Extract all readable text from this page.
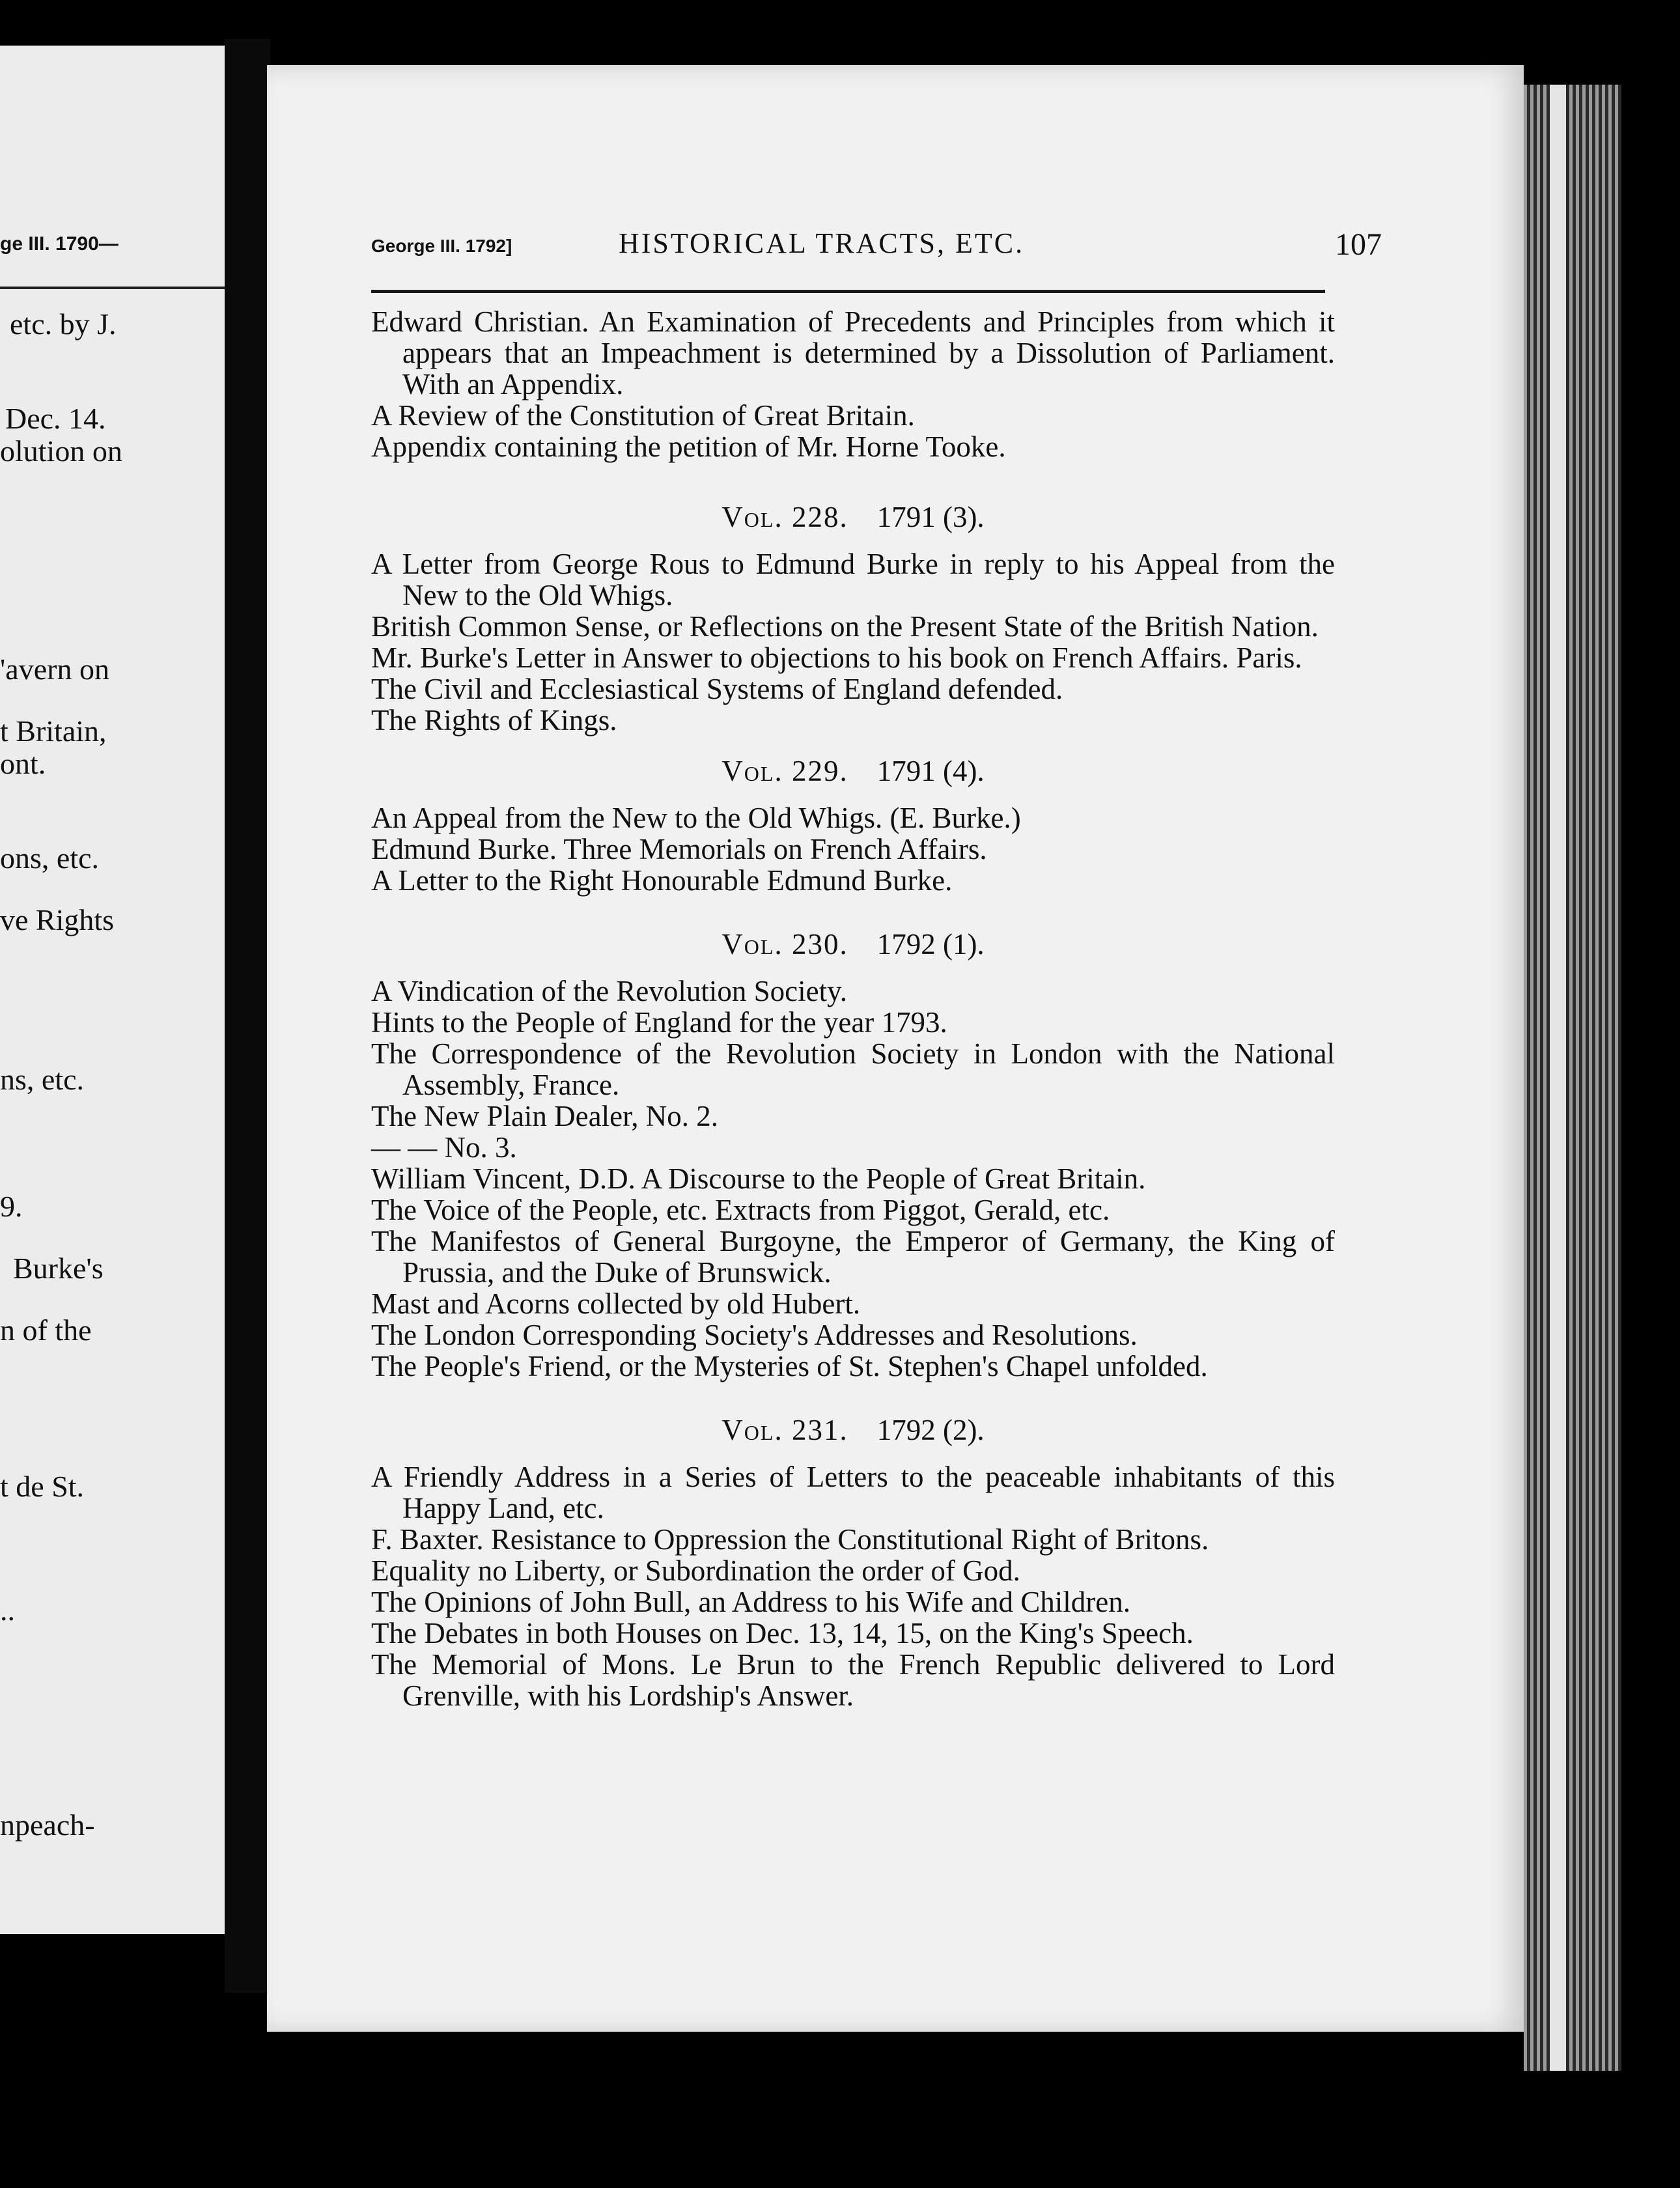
ge III. 1790—
etc. by J.
Dec. 14.
olution on
'avern on
t Britain,
ont.
ons, etc.
ve Rights
ns, etc.
9.
Burke's
n of the
t de St.
..
npeach-
George III. 1792]	HISTORICAL TRACTS, ETC.	107

Edward Christian. An Examination of Precedents and Principles from which it appears that an Impeachment is determined by a Dissolution of Parliament. With an Appendix.

A Review of the Constitution of Great Britain.

Appendix containing the petition of Mr. Horne Tooke.

Vol. 228. 1791 (3).

A Letter from George Rous to Edmund Burke in reply to his Appeal from the New to the Old Whigs.

British Common Sense, or Reflections on the Present State of the British Nation.

Mr. Burke's Letter in Answer to objections to his book on French Affairs. Paris.

The Civil and Ecclesiastical Systems of England defended.

The Rights of Kings.

Vol. 229. 1791 (4).

An Appeal from the New to the Old Whigs. (E. Burke.)

Edmund Burke. Three Memorials on French Affairs.

A Letter to the Right Honourable Edmund Burke.

Vol. 230. 1792 (1).

A Vindication of the Revolution Society.

Hints to the People of England for the year 1793.

The Correspondence of the Revolution Society in London with the National Assembly, France.

The New Plain Dealer, No. 2.

— — No. 3.

William Vincent, D.D. A Discourse to the People of Great Britain.

The Voice of the People, etc. Extracts from Piggot, Gerald, etc.

The Manifestos of General Burgoyne, the Emperor of Germany, the King of Prussia, and the Duke of Brunswick.

Mast and Acorns collected by old Hubert.

The London Corresponding Society's Addresses and Resolutions.

The People's Friend, or the Mysteries of St. Stephen's Chapel unfolded.

Vol. 231. 1792 (2).

A Friendly Address in a Series of Letters to the peaceable inhabitants of this Happy Land, etc.

F. Baxter. Resistance to Oppression the Constitutional Right of Britons.

Equality no Liberty, or Subordination the order of God.

The Opinions of John Bull, an Address to his Wife and Children.

The Debates in both Houses on Dec. 13, 14, 15, on the King's Speech.

The Memorial of Mons. Le Brun to the French Republic delivered to Lord Grenville, with his Lordship's Answer.
